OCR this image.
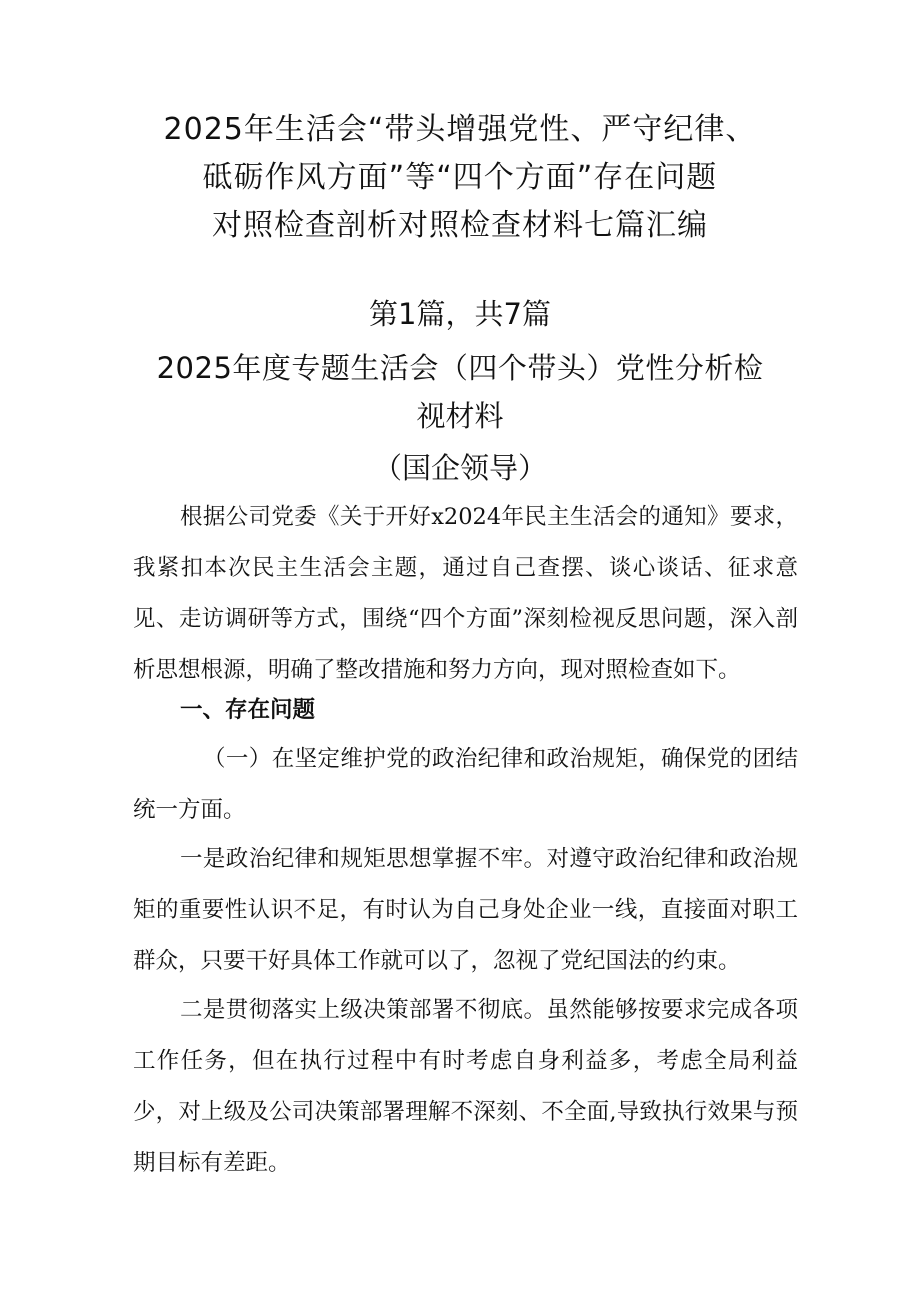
2025年生活会“带头增强党性、严守纪律、
砥砺作风方面”等“四个方面”存在问题
对照检查剖析对照检查材料七篇汇编
第1篇，共7篇
2025年度专题生活会（四个带头）党性分析检
视材料
（国企领导）

根据公司党委《关于开好x2024年民主生活会的通知》要求，我紧扣本次民主生活会主题，通过自己查摆、谈心谈话、征求意见、走访调研等方式，围绕“四个方面”深刻检视反思问题，深入剖析思想根源，明确了整改措施和努力方向，现对照检查如下。

一、存在问题

（一）在坚定维护党的政治纪律和政治规矩，确保党的团结统一方面。

一是政治纪律和规矩思想掌握不牢。对遵守政治纪律和政治规矩的重要性认识不足，有时认为自己身处企业一线，直接面对职工群众，只要干好具体工作就可以了，忽视了党纪国法的约束。

二是贯彻落实上级决策部署不彻底。虽然能够按要求完成各项工作任务，但在执行过程中有时考虑自身利益多，考虑全局利益少，对上级及公司决策部署理解不深刻、不全面,导致执行效果与预期目标有差距。
